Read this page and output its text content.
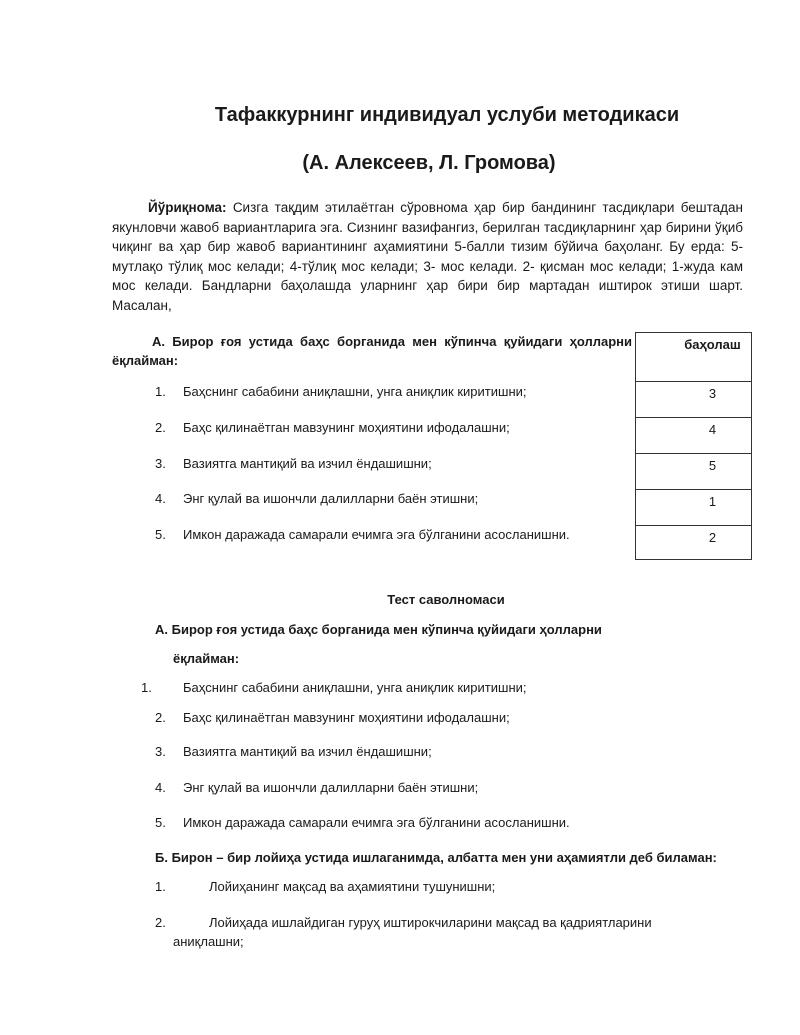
Тафаккурнинг индивидуал услуби методикаси
(А. Алексеев, Л. Громова)
Йўриқнома: Сизга тақдим этилаётган сўровнома ҳар бир бандининг тасдиқлари бештадан якунловчи жавоб вариантларига эга. Сизнинг вазифангиз, берилган тасдиқларнинг ҳар бирини ўқиб чиқинг ва ҳар бир жавоб вариантининг аҳамиятини 5-балли тизим бўйича баҳоланг. Бу ерда: 5- мутлақо тўлиқ мос келади; 4-тўлиқ мос келади; 3- мос келади. 2- қисман мос келади; 1-жуда кам мос келади. Бандларни баҳолашда уларнинг ҳар бири бир мартадан иштирок этиши шарт. Масалан,
А. Бирор ғоя устида баҳс борганида мен кўпинча қуйидаги ҳолларни ёқлайман:
1. Баҳснинг сабабини аниқлашни, унга аниқлик киритишни;
2. Баҳс қилинаётган мавзунинг моҳиятини ифодалашни;
3. Вазиятга мантиқий ва изчил ёндашишни;
4. Энг қулай ва ишончли далилларни баён этишни;
5. Имкон даражада самарали ечимга эга бўлганини асосланишни.
баҳолаш
3
4
5
1
2
Тест саволномаси
А. Бирор ғоя устида баҳс борганида мен кўпинча қуйидаги ҳолларни
ёқлайман:
1. Баҳснинг сабабини аниқлашни, унга аниқлик киритишни;
2. Баҳс қилинаётган мавзунинг моҳиятини ифодалашни;
3. Вазиятга мантиқий ва изчил ёндашишни;
4. Энг қулай ва ишончли далилларни баён этишни;
5. Имкон даражада самарали ечимга эга бўлганини асосланишни.
Б. Бирон – бир лойиҳа устида ишлаганимда, албатта мен уни аҳамиятли деб биламан:
1.	Лойиҳанинг мақсад ва аҳамиятини тушунишни;
2.	Лойиҳада ишлайдиган гуруҳ иштирокчиларини мақсад ва қадриятларини
аниқлашни;
